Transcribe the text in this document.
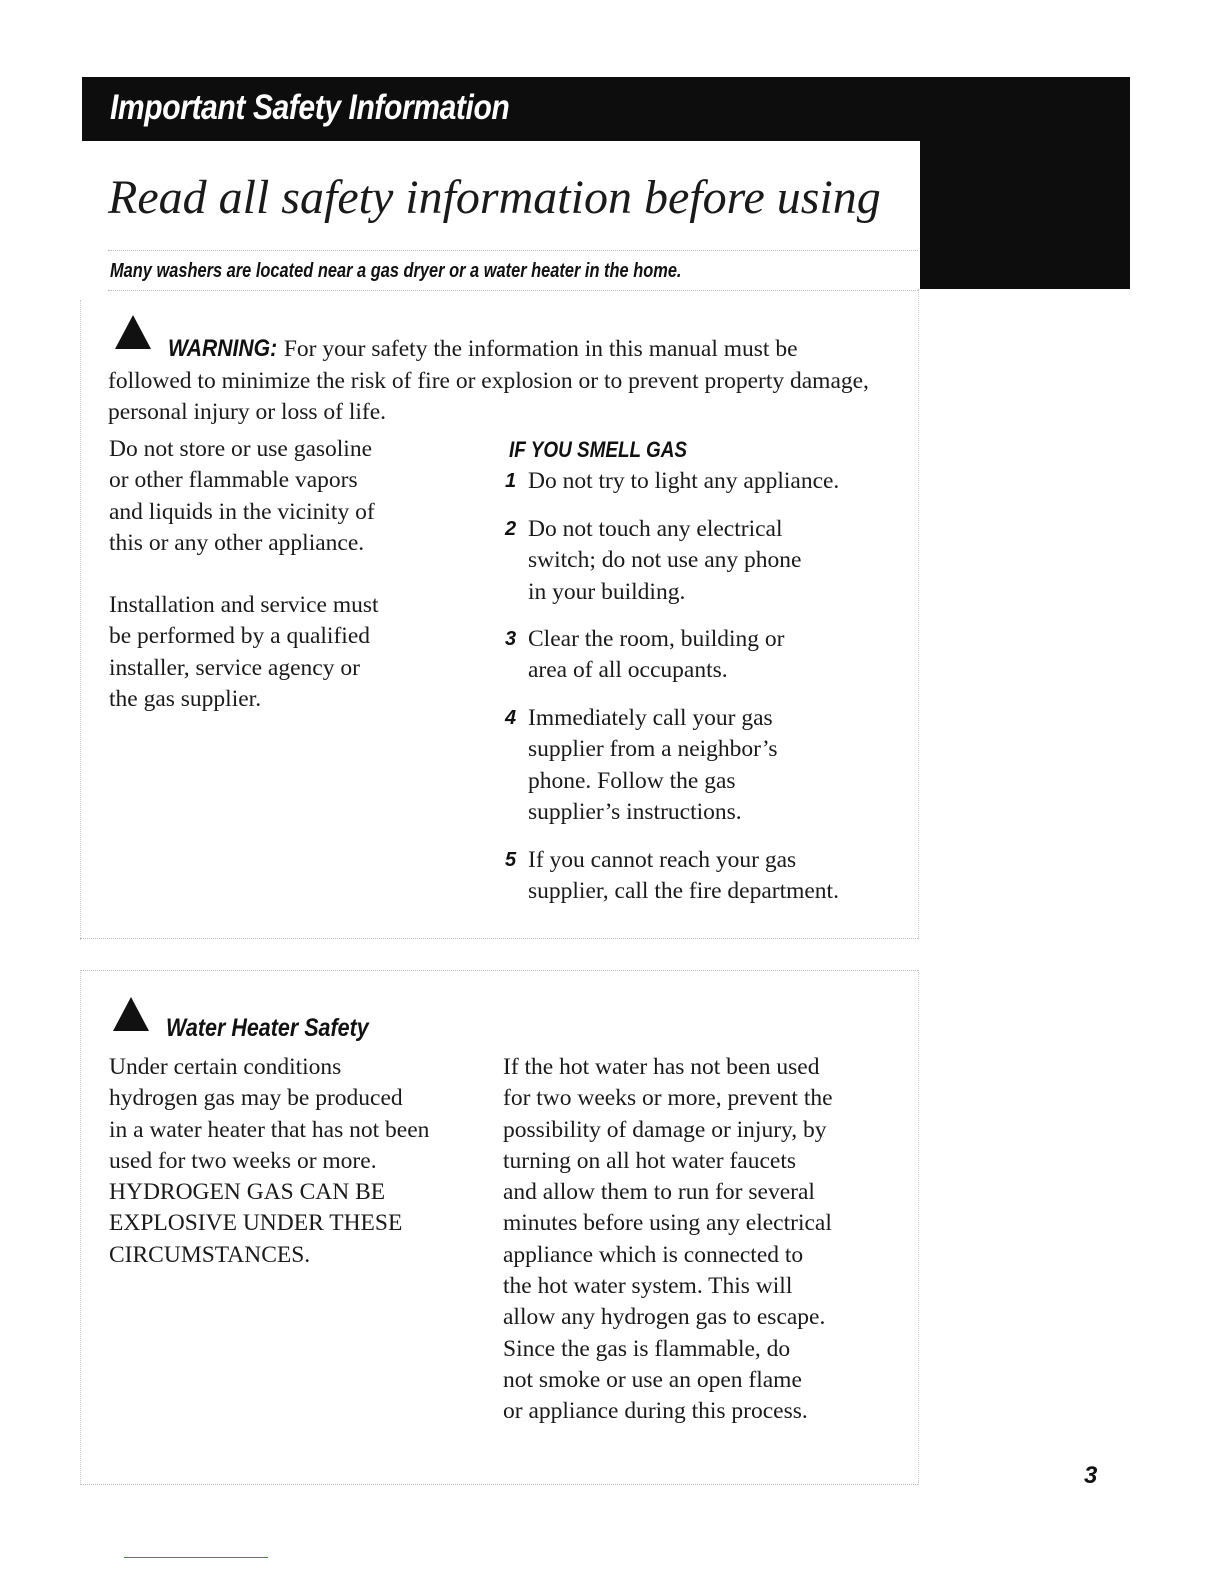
Important Safety Information
Read all safety information before using

Many washers are located near a gas dryer or a water heater in the home.

WARNING: For your safety the information in this manual must be followed to minimize the risk of fire or explosion or to prevent property damage, personal injury or loss of life.

Do not store or use gasoline
or other flammable vapors
and liquids in the vicinity of
this or any other appliance.
Installation and service must
be performed by a qualified
installer, service agency or
the gas supplier.
IF YOU SMELL GAS
1 Do not try to light any appliance.
2 Do not touch any electrical
switch; do not use any phone
in your building.
3 Clear the room, building or
area of all occupants.
4 Immediately call your gas
supplier from a neighbor’s
phone. Follow the gas
supplier’s instructions.
5 If you cannot reach your gas
supplier, call the fire department.
Water Heater Safety
Under certain conditions
hydrogen gas may be produced
in a water heater that has not been
used for two weeks or more.
HYDROGEN GAS CAN BE
EXPLOSIVE UNDER THESE
CIRCUMSTANCES.
If the hot water has not been used
for two weeks or more, prevent the
possibility of damage or injury, by
turning on all hot water faucets
and allow them to run for several
minutes before using any electrical
appliance which is connected to
the hot water system. This will
allow any hydrogen gas to escape.
Since the gas is flammable, do
not smoke or use an open flame
or appliance during this process.
3
